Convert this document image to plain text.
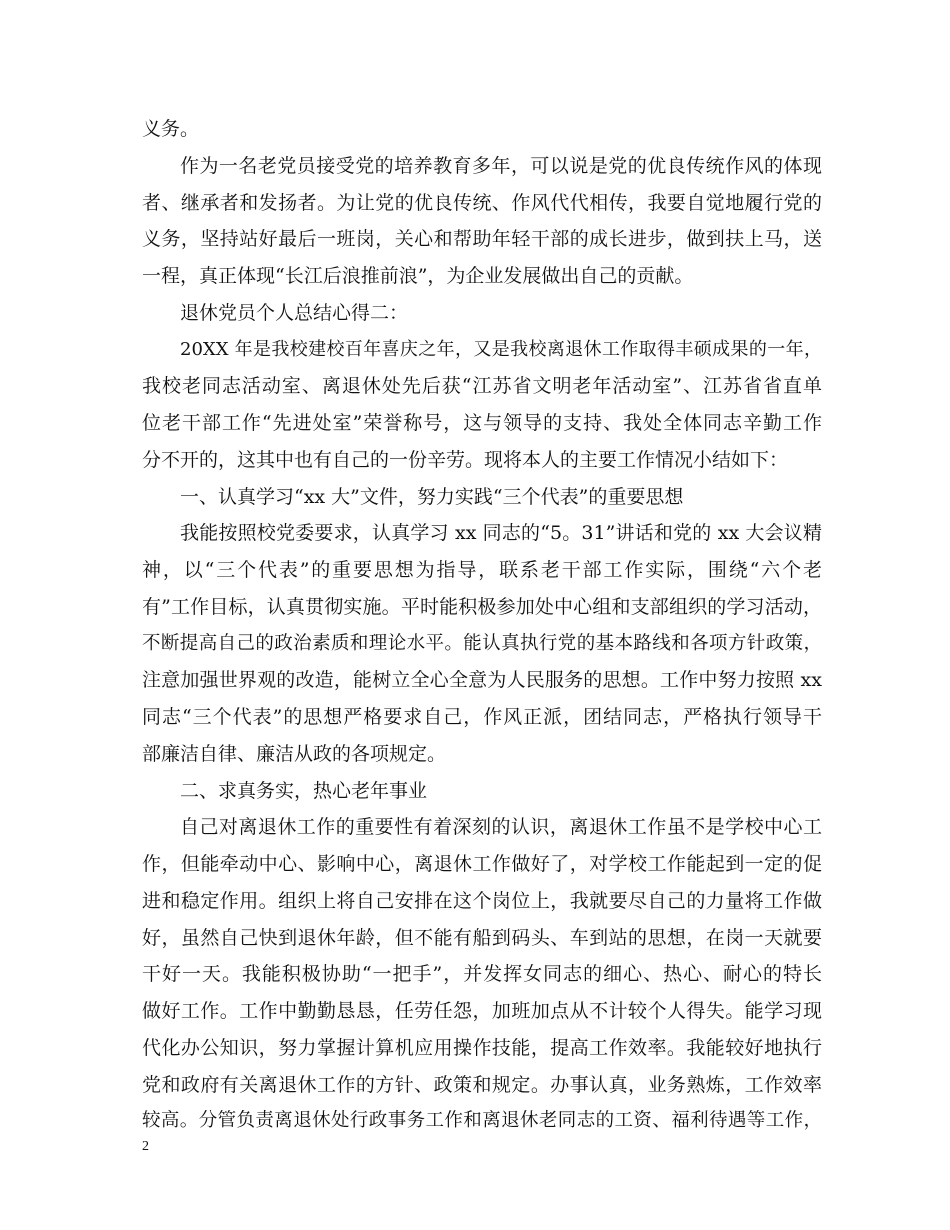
义务。
作为一名老党员接受党的培养教育多年，可以说是党的优良传统作风的体现
者、继承者和发扬者。为让党的优良传统、作风代代相传，我要自觉地履行党的
义务，坚持站好最后一班岗，关心和帮助年轻干部的成长进步，做到扶上马，送
一程，真正体现“长江后浪推前浪”，为企业发展做出自己的贡献。
退休党员个人总结心得二：
20XX 年是我校建校百年喜庆之年，又是我校离退休工作取得丰硕成果的一年，
我校老同志活动室、离退休处先后获“江苏省文明老年活动室”、江苏省省直单
位老干部工作“先进处室”荣誉称号，这与领导的支持、我处全体同志辛勤工作
分不开的，这其中也有自己的一份辛劳。现将本人的主要工作情况小结如下：
一、认真学习“xx 大”文件，努力实践“三个代表”的重要思想
我能按照校党委要求，认真学习 xx 同志的“5。31”讲话和党的 xx 大会议精
神，以“三个代表”的重要思想为指导，联系老干部工作实际，围绕“六个老
有”工作目标，认真贯彻实施。平时能积极参加处中心组和支部组织的学习活动，
不断提高自己的政治素质和理论水平。能认真执行党的基本路线和各项方针政策，
注意加强世界观的改造，能树立全心全意为人民服务的思想。工作中努力按照 xx
同志“三个代表”的思想严格要求自己，作风正派，团结同志，严格执行领导干
部廉洁自律、廉洁从政的各项规定。
二、求真务实，热心老年事业
自己对离退休工作的重要性有着深刻的认识，离退休工作虽不是学校中心工
作，但能牵动中心、影响中心，离退休工作做好了，对学校工作能起到一定的促
进和稳定作用。组织上将自己安排在这个岗位上，我就要尽自己的力量将工作做
好，虽然自己快到退休年龄，但不能有船到码头、车到站的思想，在岗一天就要
干好一天。我能积极协助“一把手”，并发挥女同志的细心、热心、耐心的特长
做好工作。工作中勤勤恳恳，任劳任怨，加班加点从不计较个人得失。能学习现
代化办公知识，努力掌握计算机应用操作技能，提高工作效率。我能较好地执行
党和政府有关离退休工作的方针、政策和规定。办事认真，业务熟炼，工作效率
较高。分管负责离退休处行政事务工作和离退休老同志的工资、福利待遇等工作，
2
